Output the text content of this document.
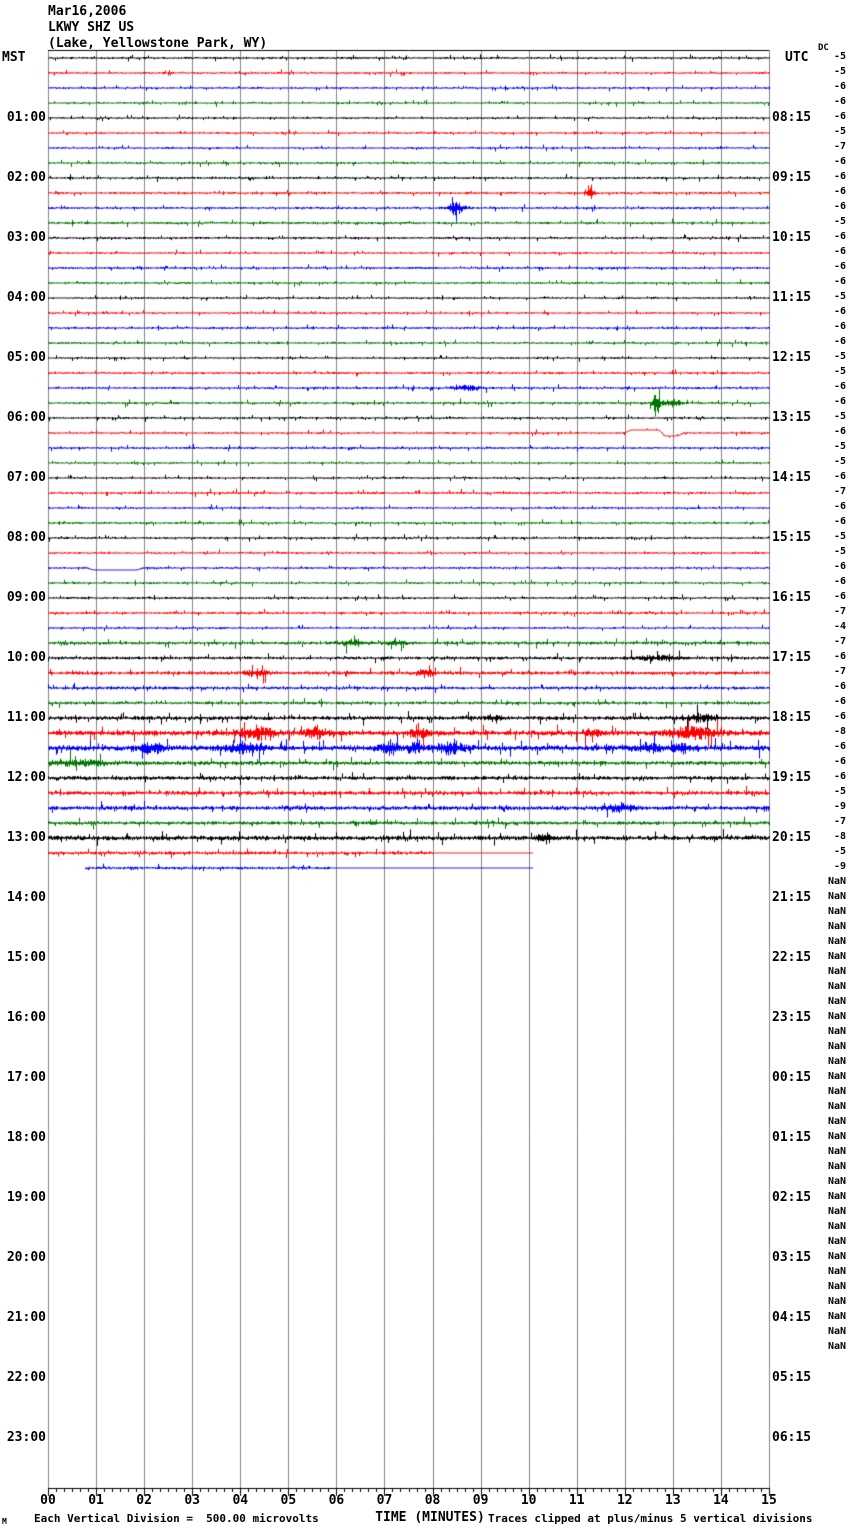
01:00
02:00
03:00
04:00
05:00
06:00
07:00
08:00
09:00
10:00
11:00
12:00
13:00
14:00
15:00
16:00
17:00
18:00
19:00
20:00
21:00
22:00
23:00
08:15
09:15
10:15
11:15
12:15
13:15
14:15
15:15
16:15
17:15
18:15
19:15
20:15
21:15
22:15
23:15
00:15
01:15
02:15
03:15
04:15
05:15
06:15
-5
-5
-6
-6
-6
-5
-7
-6
-6
-6
-6
-5
-6
-6
-6
-6
-5
-6
-6
-6
-5
-5
-6
-6
-5
-6
-5
-5
-6
-7
-6
-6
-5
-5
-6
-6
-6
-7
-4
-7
-6
-7
-6
-6
-6
-8
-6
-6
-6
-5
-9
-7
-8
-5
-9
NaN
NaN
NaN
NaN
NaN
NaN
NaN
NaN
NaN
NaN
NaN
NaN
NaN
NaN
NaN
NaN
NaN
NaN
NaN
NaN
NaN
NaN
NaN
NaN
NaN
NaN
NaN
NaN
NaN
NaN
NaN
NaN
00	01	02	03	04	05	06	07	08	09	10	11	12	13	14	15
M Each Vertical Division =  500.00 microvolts	TIME (MINUTES) Traces clipped at plus/minus 5 vertical divisions
